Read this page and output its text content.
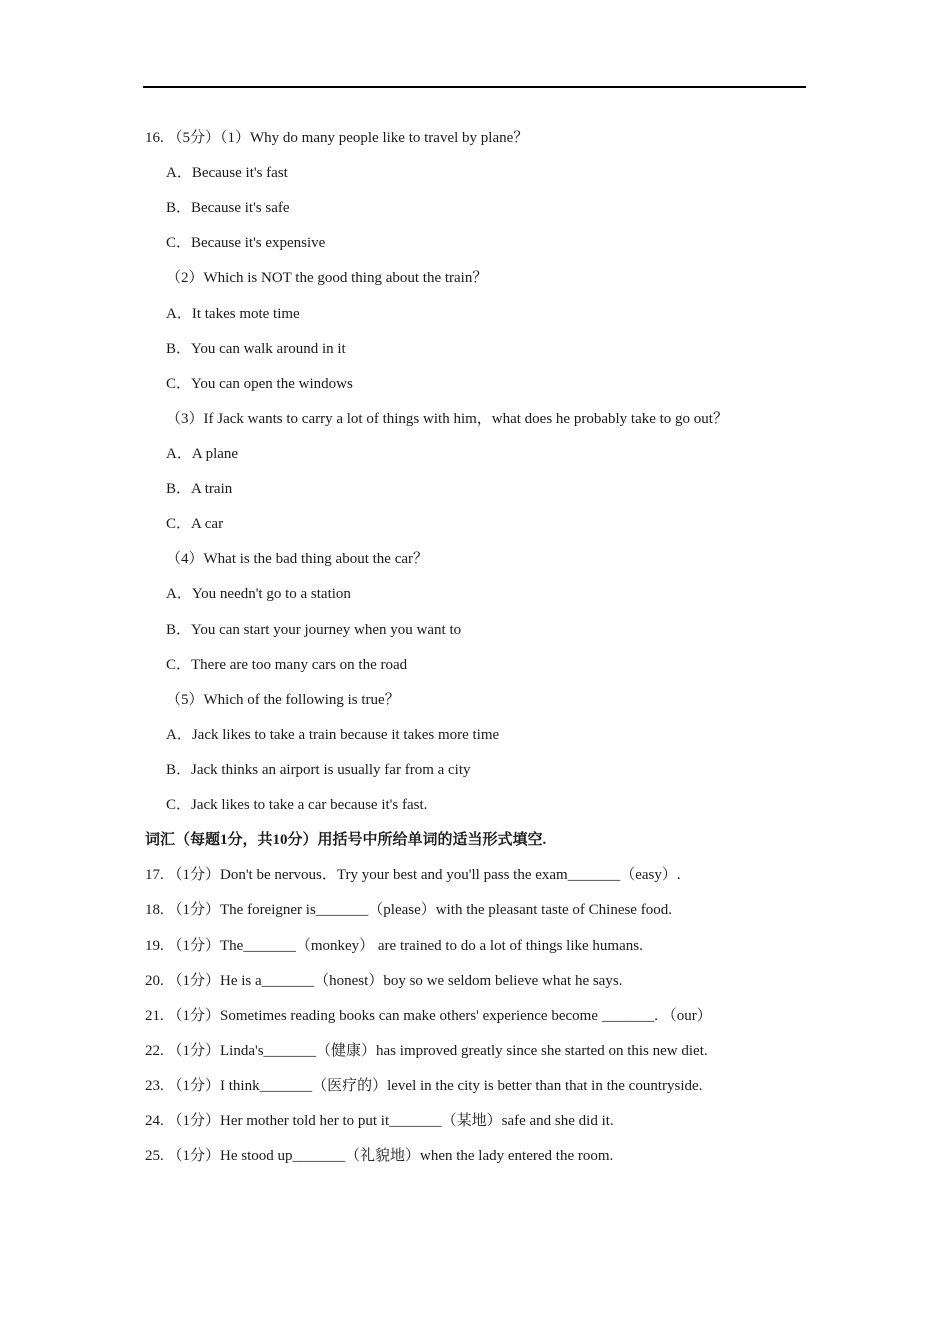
16. （5分）（1）Why do many people like to travel by plane？
A．Because it's fast
B．Because it's safe
C．Because it's expensive
（2）Which is NOT the good thing about the train？
A．It takes mote time
B．You can walk around in it
C．You can open the windows
（3）If Jack wants to carry a lot of things with him，what does he probably take to go out？
A．A plane
B．A train
C．A car
（4）What is the bad thing about the car？
A．You needn't go to a station
B．You can start your journey when you want to
C．There are too many cars on the road
（5）Which of the following is true？
A．Jack likes to take a train because it takes more time
B．Jack thinks an airport is usually far from a city
C．Jack likes to take a car because it's fast.
词汇（每题1分，共10分）用括号中所给单词的适当形式填空.
17. （1分）Don't be nervous．Try your best and you'll pass the exam_______（easy）.
18. （1分）The foreigner is_______（please）with the pleasant taste of Chinese food.
19. （1分）The_______（monkey） are trained to do a lot of things like humans.
20. （1分）He is a_______（honest）boy so we seldom believe what he says.
21. （1分）Sometimes reading books can make others' experience become _______. （our）
22. （1分）Linda's_______（健康）has improved greatly since she started on this new diet.
23. （1分）I think_______（医疗的）level in the city is better than that in the countryside.
24. （1分）Her mother told her to put it_______（某地）safe and she did it.
25. （1分）He stood up_______（礼貌地）when the lady entered the room.
